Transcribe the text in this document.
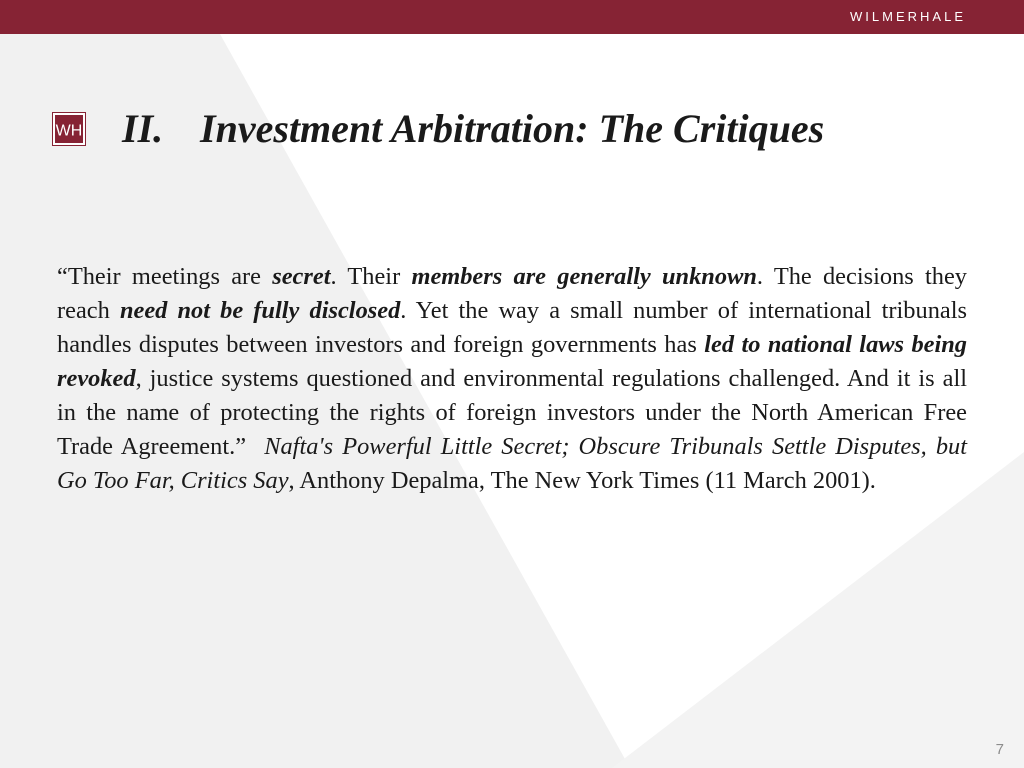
WILMERHALE
WH II. Investment Arbitration: The Critiques

“Their meetings are secret. Their members are generally unknown. The decisions they reach need not be fully disclosed. Yet the way a small number of international tribunals handles disputes between investors and foreign governments has led to national laws being revoked, justice systems questioned and environmental regulations challenged. And it is all in the name of protecting the rights of foreign investors under the North American Free Trade Agreement.”  Nafta's Powerful Little Secret; Obscure Tribunals Settle Disputes, but Go Too Far, Critics Say, Anthony Depalma, The New York Times (11 March 2001).

7
